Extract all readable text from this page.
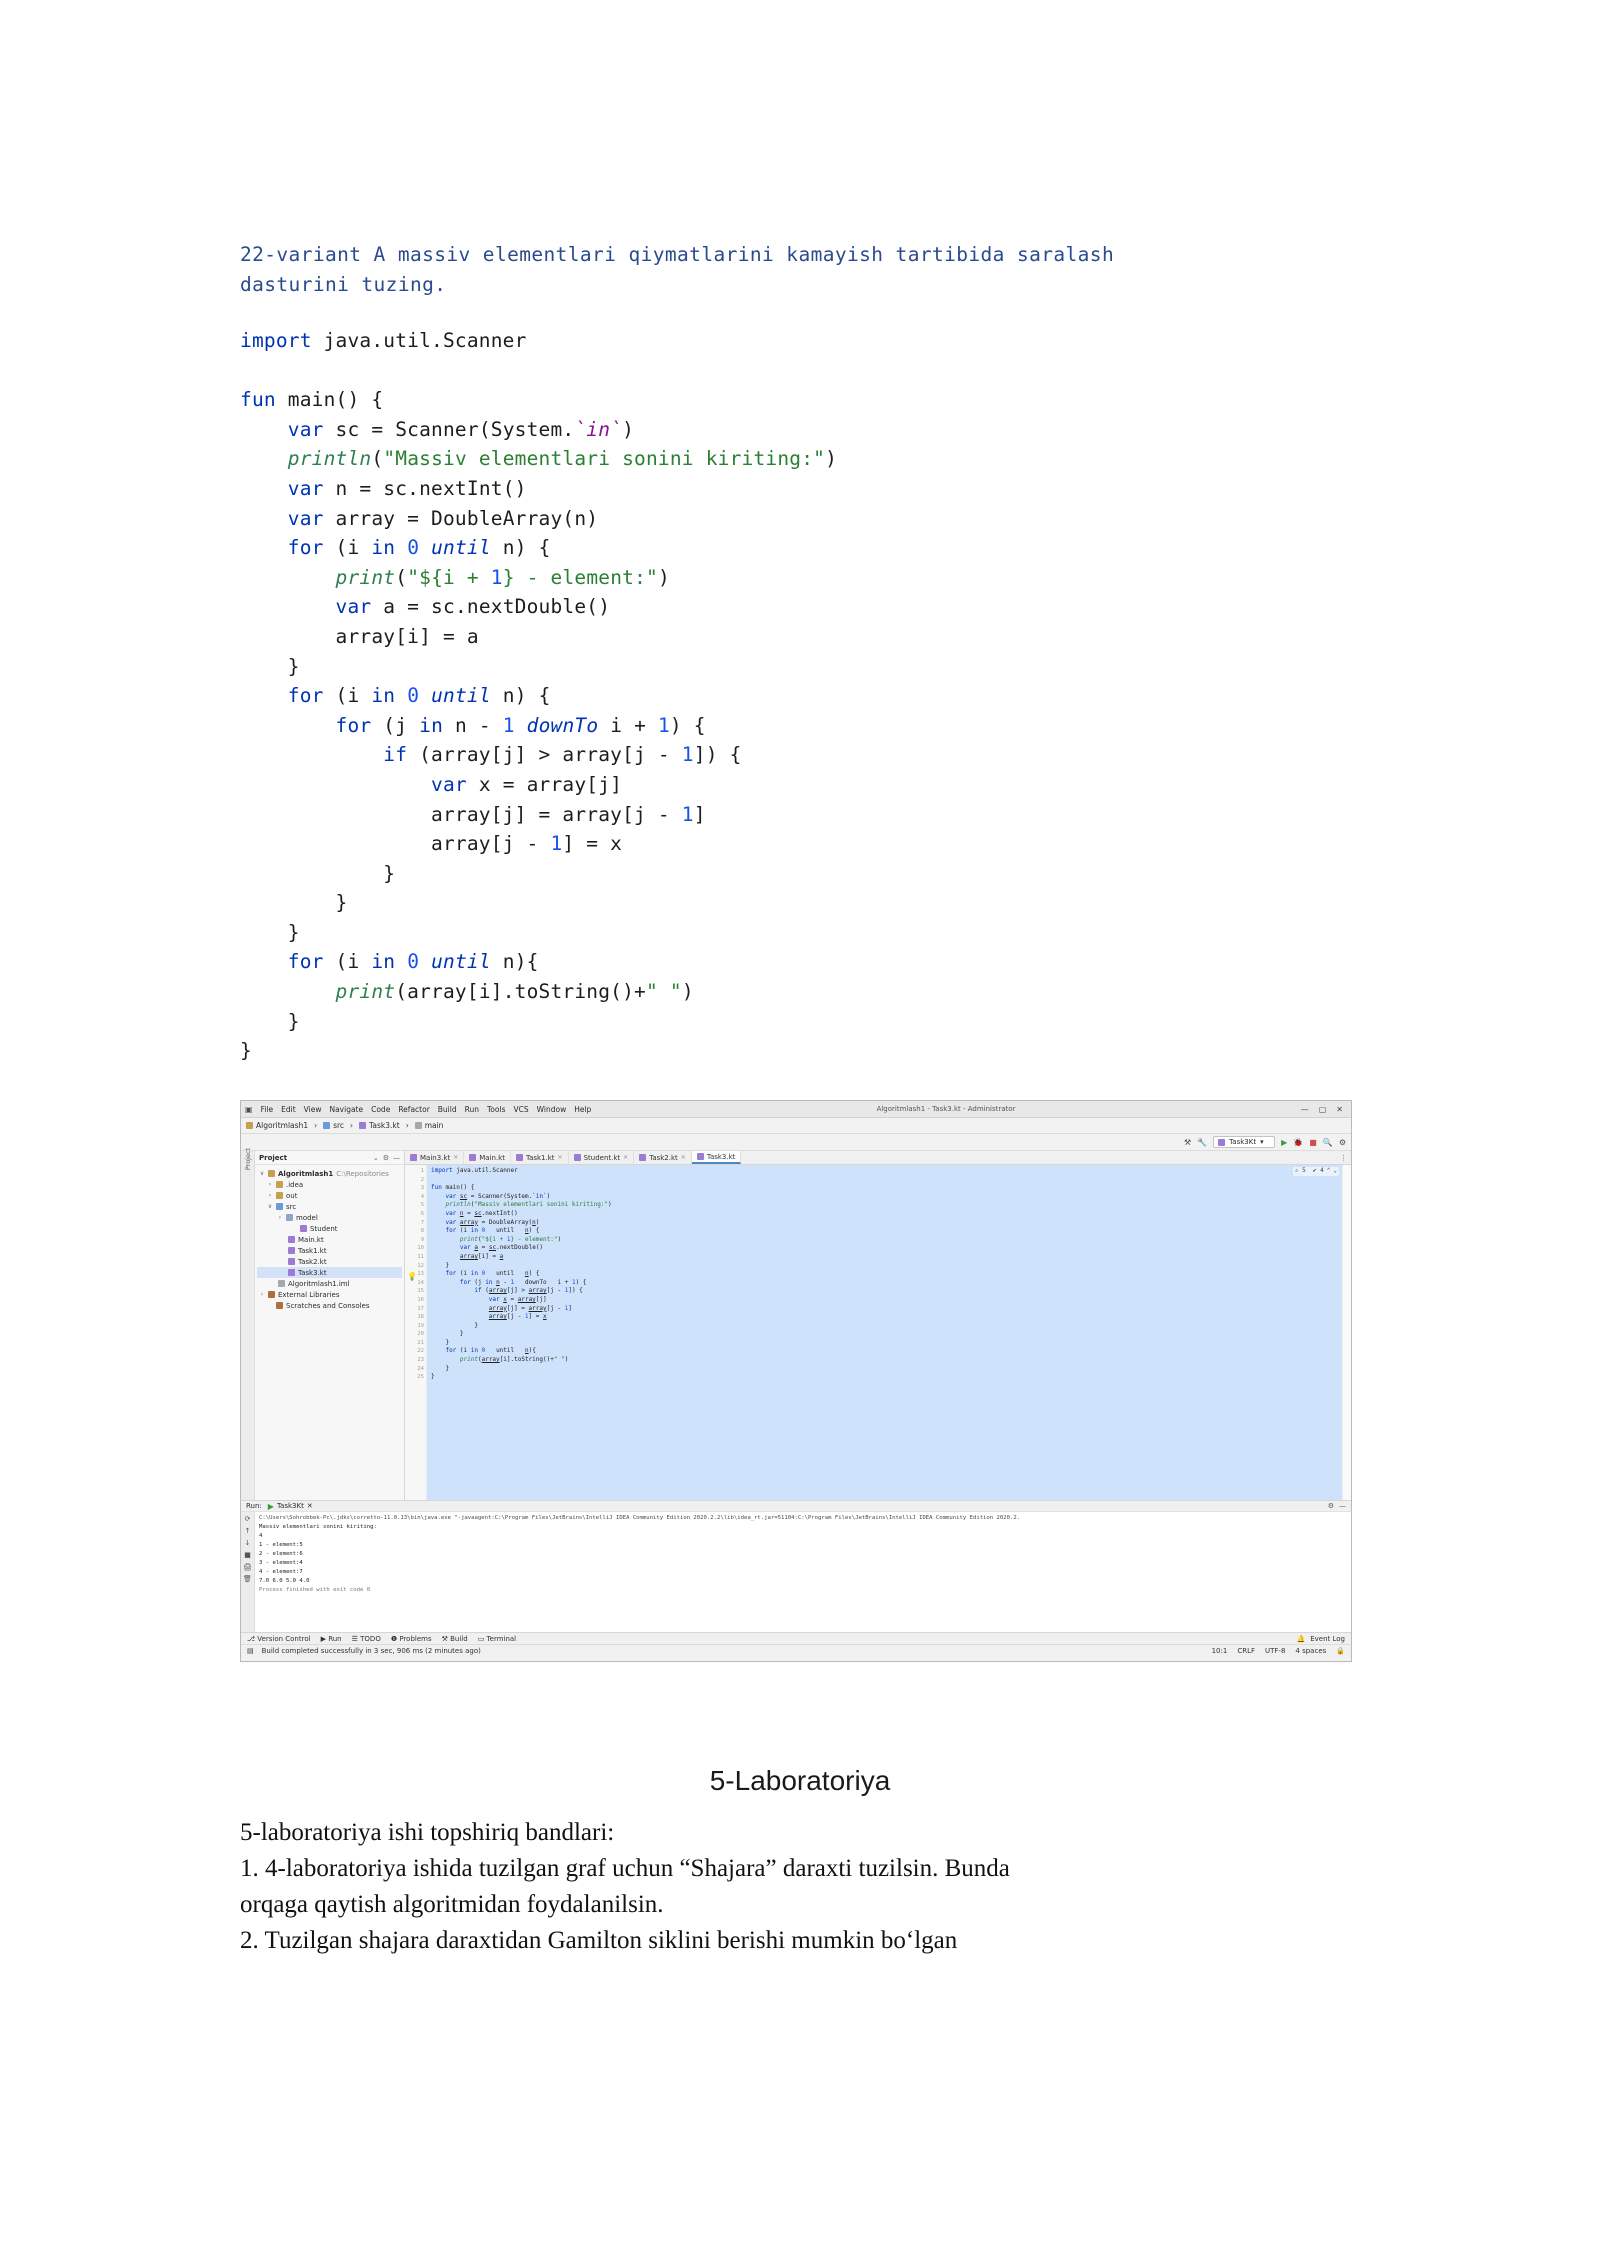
22-variant A massiv elementlari qiymatlarini kamayish tartibida saralash
dasturini tuzing.
import java.util.Scanner

fun main() {
var sc = Scanner(System.`in`)
println("Massiv elementlari sonini kiriting:")
var n = sc.nextInt()
var array = DoubleArray(n)
for (i in 0 until n) {
print("${i + 1} - element:")
var a = sc.nextDouble()
array[i] = a
}
for (i in 0 until n) {
for (j in n - 1 downTo i + 1) {
if (array[j] > array[j - 1]) {
var x = array[j]
array[j] = array[j - 1]
array[j - 1] = x
}
}
}
for (i in 0 until n){
print(array[i].toString()+" ")
}
}
▣ File Edit View Navigate Code Refactor Build Run Tools VCS Window Help	Algoritmlash1 - Task3.kt - Administrator	— ▢ ✕
Algoritmlash1 › src › Task3.kt › main
⚒ 🔧	Task3Kt ▾ ▶ 🐞 ■ 🔍 ⚙
Project Project	⌄ ⚙ —
∨ Algoritmlash1 C:\Repositories
› .idea
› out
∨ src
› model
Student
Main.kt
Task1.kt
Task2.kt
Task3.kt
Algoritmlash1.iml
› External Libraries
Scratches and Consoles
Main3.kt ✕	Main.kt	Task1.kt ✕	Student.kt ✕	Task2.kt ✕	Task3.kt	⋮
1
2
3
4
5
6
7
8
9
10
11
12
13
14
15
16
17
18
19
20
21
22
23
24
25
import java.util.Scanner

fun main() {
var sc = Scanner(System.`in`)
println("Massiv elementlari sonini kiriting:")
var n = sc.nextInt()
var array = DoubleArray(n)
for (i in 0   until   n) {
print("${i + 1} - element:")
var a = sc.nextDouble()
array[i] = a
}
for (i in 0   until   n) {
for (j in n - 1   downTo   i + 1) {
if (array[j] > array[j - 1]) {
var x = array[j]
array[j] = array[j - 1]
array[j - 1] = x
}
}
}
for (i in 0   until   n){
print(array[i].toString()+" ")
}
}
⚠ 5  ✔ 4 ⌃ ⌄
💡
Run: ▶ Task3Kt ✕	⚙ —
⟳
↑
↓
■
🖨
🗑
C:\Users\Sohrobbek-Pc\.jdks\corretto-11.0.13\bin\java.exe "-javaagent:C:\Program Files\JetBrains\IntelliJ IDEA Community Edition 2020.2.2\lib\idea_rt.jar=51104:C:\Program Files\JetBrains\IntelliJ IDEA Community Edition 2020.2.
Massiv elementlari sonini kiriting:
4
1 - element:5
2 - element:6
3 - element:4
4 - element:7
7.0 6.0 5.0 4.0
Process finished with exit code 0
⎇ Version Control ▶ Run ☰ TODO ❶ Problems ⚒ Build ▭ Terminal	🔔 Event Log
▤ Build completed successfully in 3 sec, 906 ms (2 minutes ago)	10:1 CRLF UTF-8 4 spaces 🔒
5-Laboratoriya

5-laboratoriya ishi topshiriq bandlari:

1. 4-laboratoriya ishida tuzilgan graf uchun “Shajara” daraxti tuzilsin. Bunda

orqaga qaytish algoritmidan foydalanilsin.

2. Tuzilgan shajara daraxtidan Gamilton siklini berishi mumkin bo‘lgan
